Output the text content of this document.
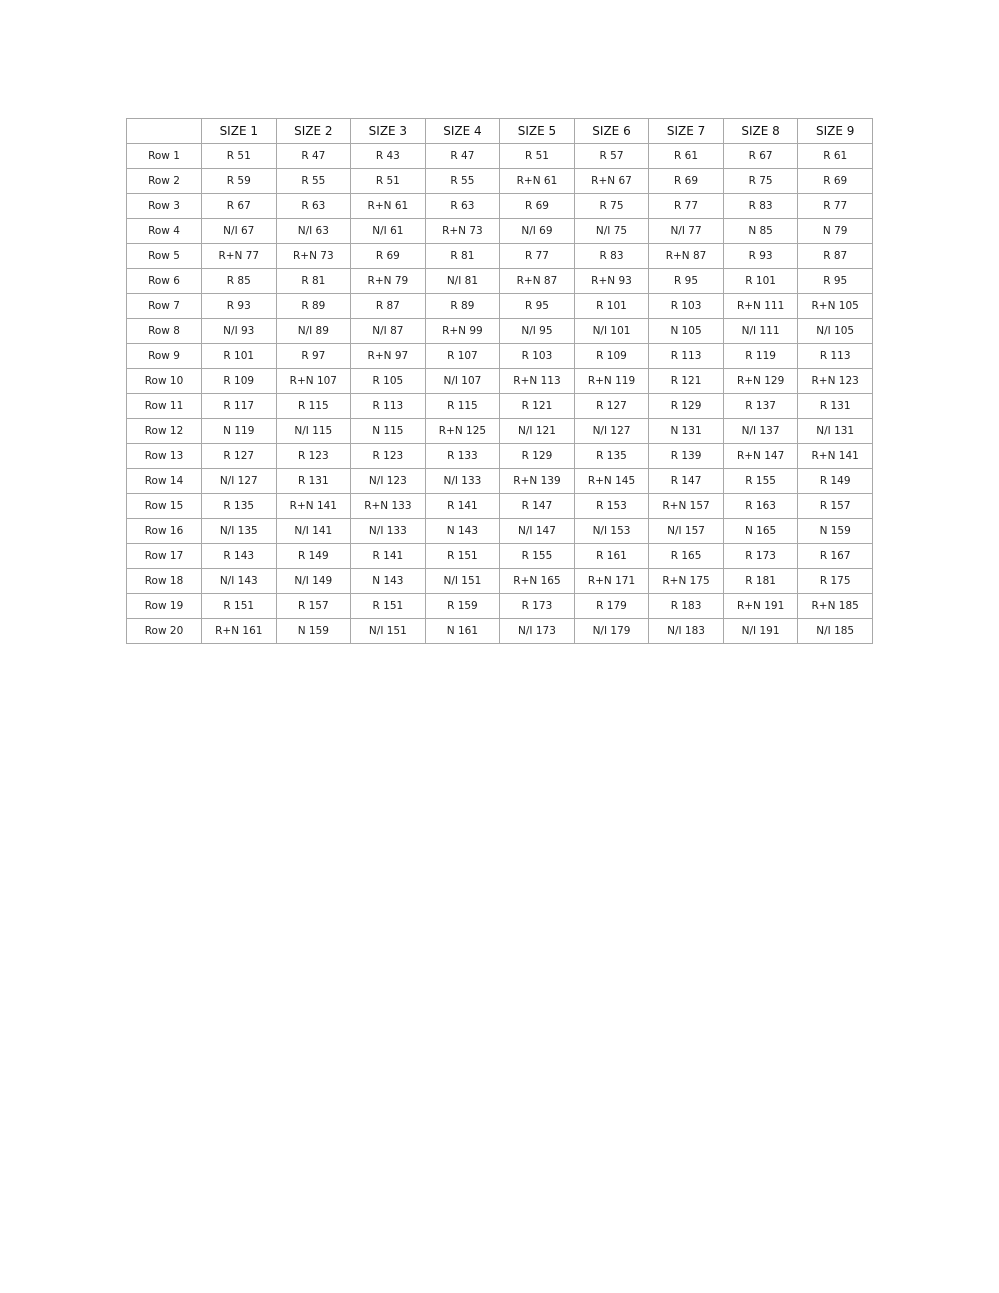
	SIZE 1	SIZE 2	SIZE 3	SIZE 4	SIZE 5	SIZE 6	SIZE 7	SIZE 8	SIZE 9
Row 1	R 51	R 47	R 43	R 47	R 51	R 57	R 61	R 67	R 61
Row 2	R 59	R 55	R 51	R 55	R+N 61	R+N 67	R 69	R 75	R 69
Row 3	R 67	R 63	R+N 61	R 63	R 69	R 75	R 77	R 83	R 77
Row 4	N/I 67	N/I 63	N/I 61	R+N 73	N/I 69	N/I 75	N/I 77	N 85	N 79
Row 5	R+N 77	R+N 73	R 69	R 81	R 77	R 83	R+N 87	R 93	R 87
Row 6	R 85	R 81	R+N 79	N/I 81	R+N 87	R+N 93	R 95	R 101	R 95
Row 7	R 93	R 89	R 87	R 89	R 95	R 101	R 103	R+N 111	R+N 105
Row 8	N/I 93	N/I 89	N/I 87	R+N 99	N/I 95	N/I 101	N 105	N/I 111	N/I 105
Row 9	R 101	R 97	R+N 97	R 107	R 103	R 109	R 113	R 119	R 113
Row 10	R 109	R+N 107	R 105	N/I 107	R+N 113	R+N 119	R 121	R+N 129	R+N 123
Row 11	R 117	R 115	R 113	R 115	R 121	R 127	R 129	R 137	R 131
Row 12	N 119	N/I 115	N 115	R+N 125	N/I 121	N/I 127	N 131	N/I 137	N/I 131
Row 13	R 127	R 123	R 123	R 133	R 129	R 135	R 139	R+N 147	R+N 141
Row 14	N/I 127	R 131	N/I 123	N/I 133	R+N 139	R+N 145	R 147	R 155	R 149
Row 15	R 135	R+N 141	R+N 133	R 141	R 147	R 153	R+N 157	R 163	R 157
Row 16	N/I 135	N/I 141	N/I 133	N 143	N/I 147	N/I 153	N/I 157	N 165	N 159
Row 17	R 143	R 149	R 141	R 151	R 155	R 161	R 165	R 173	R 167
Row 18	N/I 143	N/I 149	N 143	N/I 151	R+N 165	R+N 171	R+N 175	R 181	R 175
Row 19	R 151	R 157	R 151	R 159	R 173	R 179	R 183	R+N 191	R+N 185
Row 20	R+N 161	N 159	N/I 151	N 161	N/I 173	N/I 179	N/I 183	N/I 191	N/I 185
